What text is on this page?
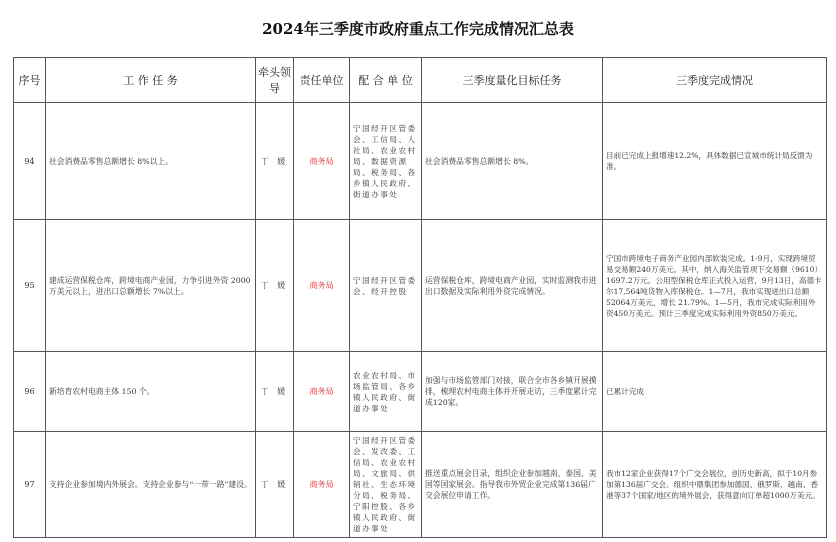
2024年三季度市政府重点工作完成情况汇总表
序号	工 作 任 务	牵头领导	责任单位	配 合 单 位	三季度量化目标任务	三季度完成情况

94	社会消费品零售总额增长 8%以上。	丁 媛	商务局	宁国经开区管委会、工信局、人社局、农业农村局、数据资源局、税务局、各乡镇人民政府、街道办事处	社会消费品零售总额增长 8%。	目前已完成上报增速12.2%，具体数据已宣城市统计局反馈为准。

95	建成运营保税仓库，跨境电商产业园，力争引进外资 2000 万美元以上，进出口总额增长 7%以上。	丁 媛	商务局	宁国经开区管委会、经开控股	运营保税仓库，跨境电商产业园，实时监测我市进出口数据及实际利用外资完成情况。	宁国市跨境电子商务产业园内部软装完成。1-9月，实现跨境贸易交易额240万美元。其中，纳入海关监管项下交易额（9610）1697.2万元。公用型保税仓库正式投入运营，9月13日，高德卡尔17,564吨货物入库保税仓。1—7月，我市实现进出口总额52064万美元，增长 21.79%。1—5月，我市完成实际利用外资450万美元。预计三季度完成实际利用外资850万美元。

96	新培育农村电商主体 150 个。	丁 媛	商务局	农业农村局、市场监管局、各乡镇人民政府、街道办事处	加强与市场监管部门对接，联合全市各乡镇开展摸排，梳理农村电商主体并开展走访，三季度累计完成120家。	已累计完成

97	支持企业参加境内外展会。支持企业参与“一带一路”建设。	丁 媛	商务局	宁国经开区管委会、发改委、工信局、农业农村局、文旅局、供销社、生态环境分局、税务局、宁阳控股、各乡镇人民政府、街道办事处	推送重点展会目录，组织企业参加越南、泰国、美国等国家展会。指导我市外贸企业完成第136届广交会展位申请工作。	我市12家企业获得17个广交会展位，创历史新高，拟于10月参加第136届广交会。组织中鼎集团参加德国、俄罗斯、越南、香港等37个国家/地区的境外展会，获得意向订单超1000万美元。
